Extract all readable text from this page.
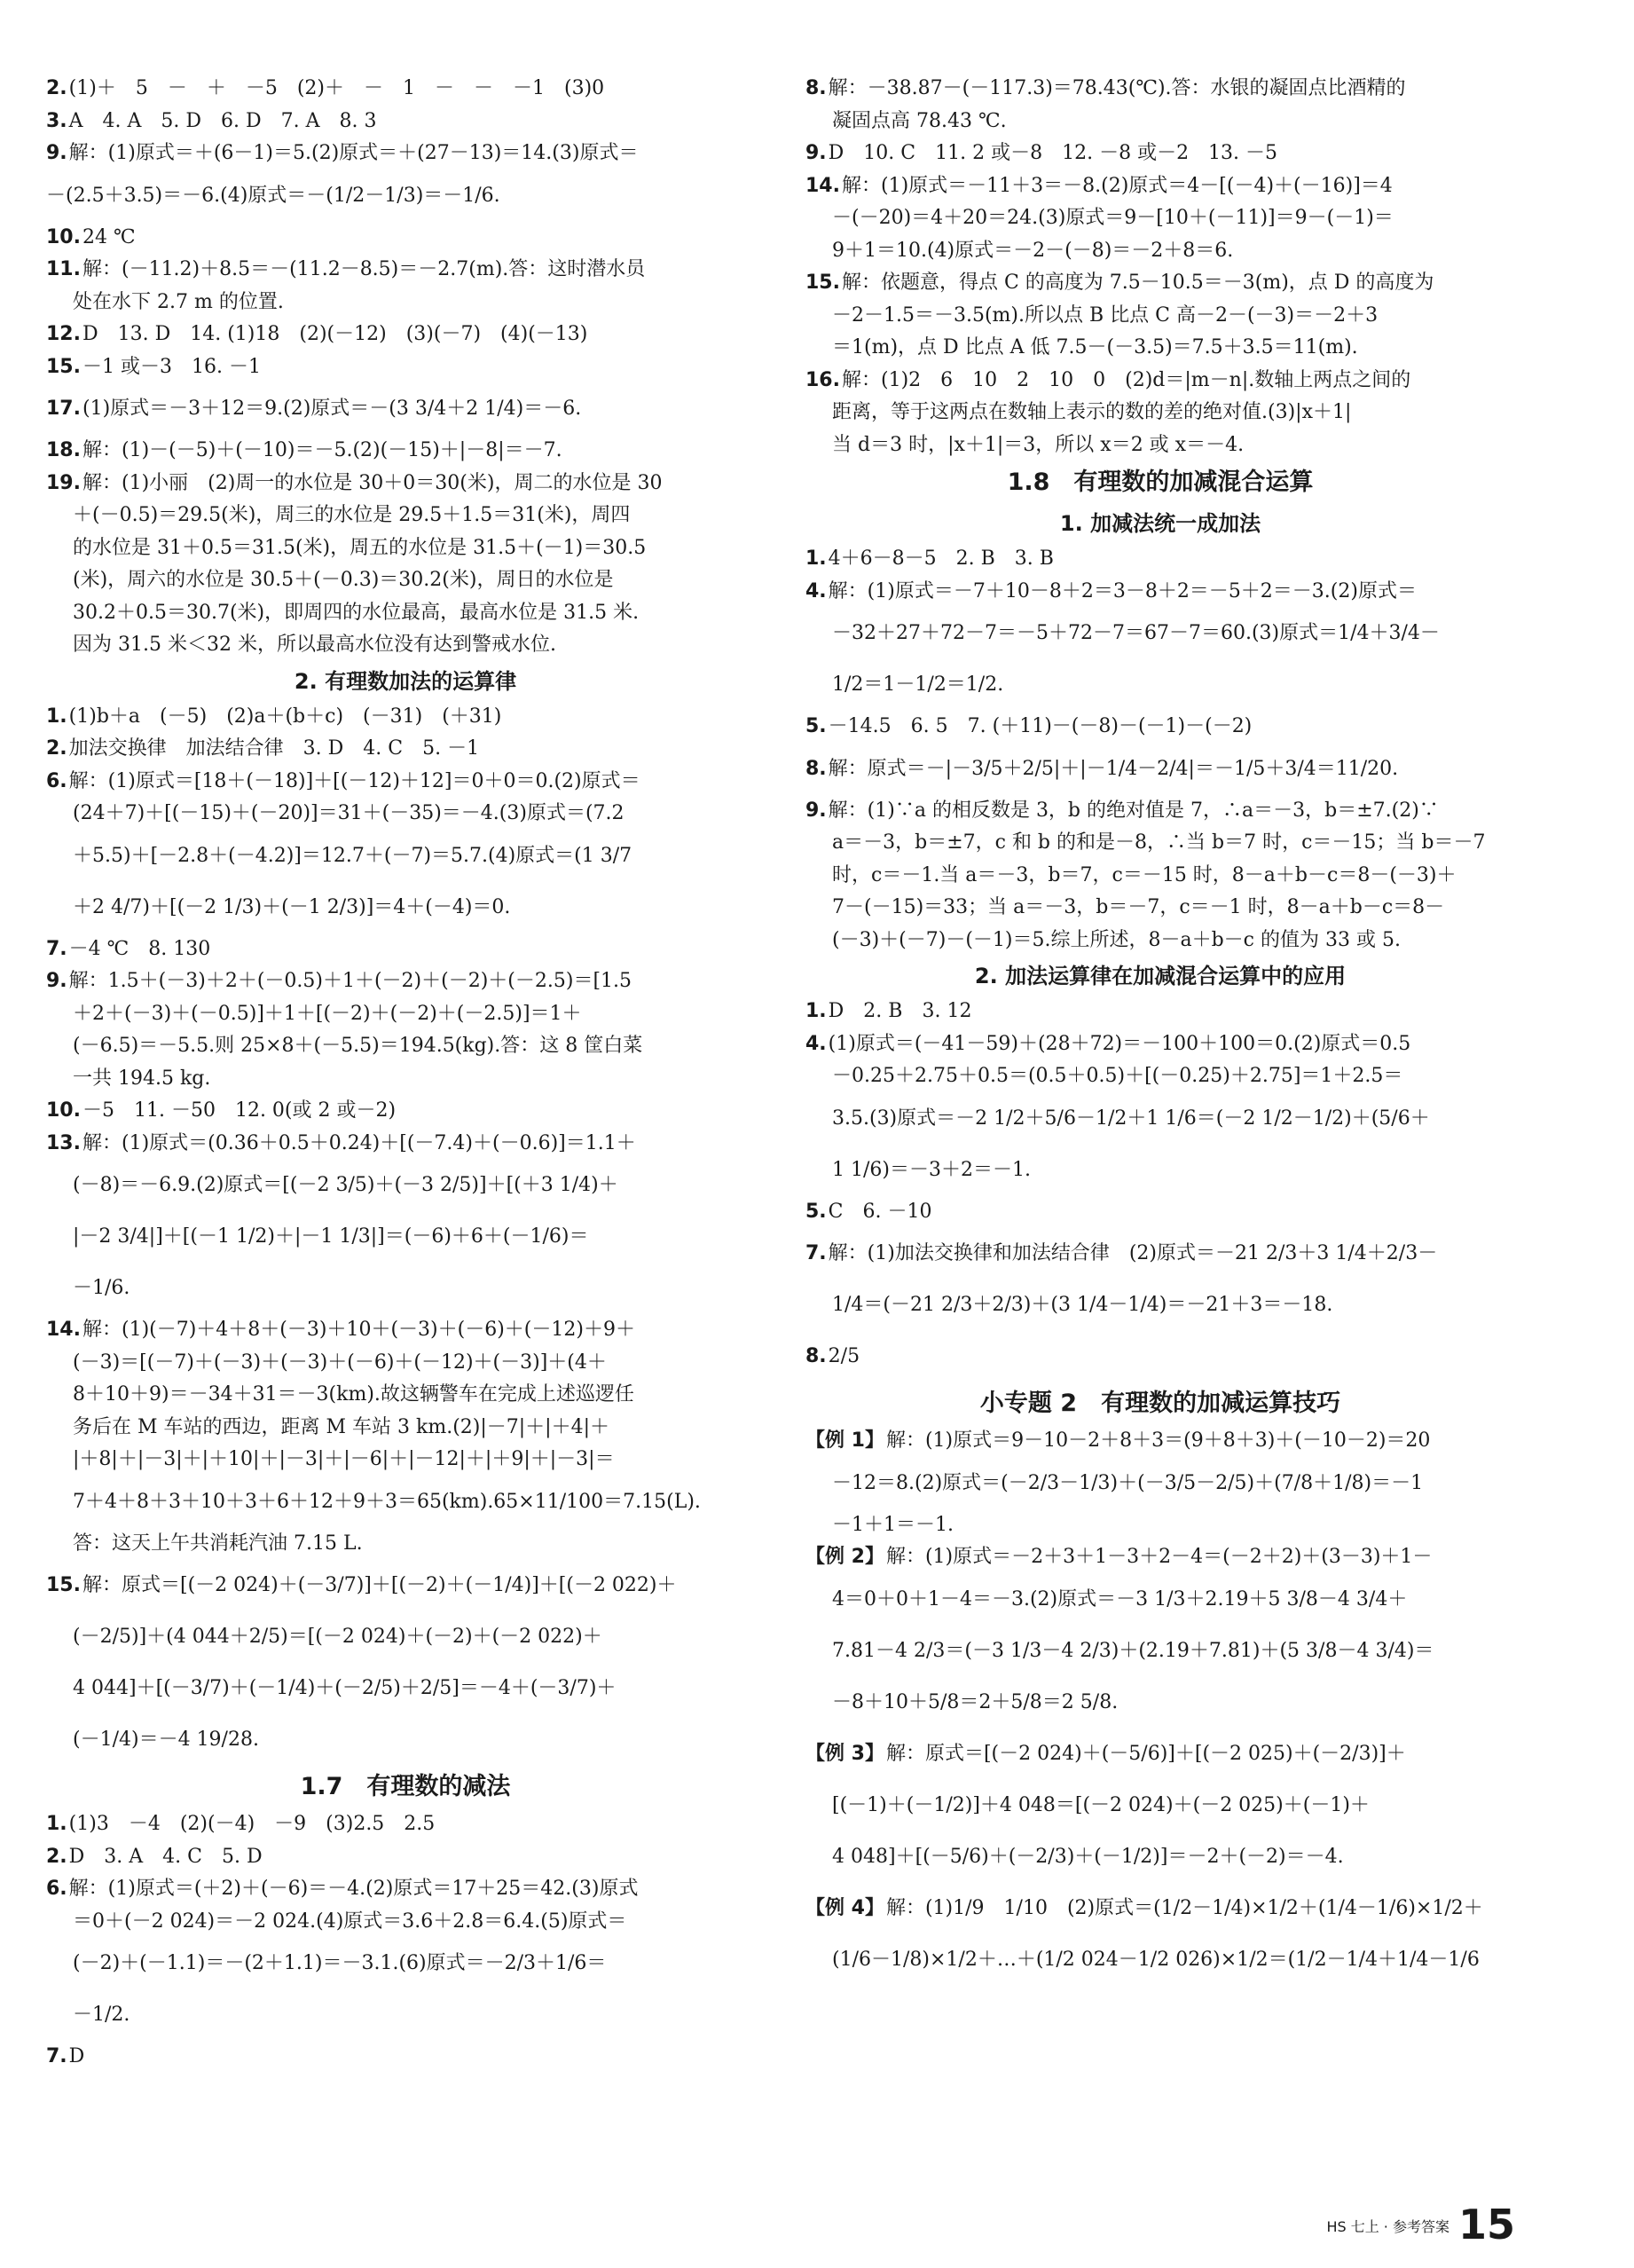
2.(1)＋　5　－　＋　－5　(2)＋　－　1　－　－　－1　(3)0
3.A　4. A　5. D　6. D　7. A　8. 3
9.解：(1)原式＝＋(6－1)＝5.(2)原式＝＋(27－13)＝14.(3)原式＝
－(2.5＋3.5)＝－6.(4)原式＝－(1/2－1/3)＝－1/6.
10.24 ℃
11.解：(－11.2)＋8.5＝－(11.2－8.5)＝－2.7(m).答：这时潜水员
处在水下 2.7 m 的位置.
12.D　13. D　14. (1)18　(2)(－12)　(3)(－7)　(4)(－13)
15.－1 或－3　16. －1
17.(1)原式＝－3＋12＝9.(2)原式＝－(3 3/4＋2 1/4)＝－6.
18.解：(1)－(－5)＋(－10)＝－5.(2)(－15)＋|－8|＝－7.
19.解：(1)小丽　(2)周一的水位是 30＋0＝30(米)，周二的水位是 30
＋(－0.5)＝29.5(米)，周三的水位是 29.5＋1.5＝31(米)，周四
的水位是 31＋0.5＝31.5(米)，周五的水位是 31.5＋(－1)＝30.5
(米)，周六的水位是 30.5＋(－0.3)＝30.2(米)，周日的水位是
30.2＋0.5＝30.7(米)，即周四的水位最高，最高水位是 31.5 米.
因为 31.5 米＜32 米，所以最高水位没有达到警戒水位.
2. 有理数加法的运算律
1.(1)b＋a　(－5)　(2)a＋(b＋c)　(－31)　(＋31)
2.加法交换律　加法结合律　3. D　4. C　5. －1
6.解：(1)原式＝[18＋(－18)]＋[(－12)＋12]＝0＋0＝0.(2)原式＝
(24＋7)＋[(－15)＋(－20)]＝31＋(－35)＝－4.(3)原式＝(7.2
＋5.5)＋[－2.8＋(－4.2)]＝12.7＋(－7)＝5.7.(4)原式＝(1 3/7
＋2 4/7)＋[(－2 1/3)＋(－1 2/3)]＝4＋(－4)＝0.
7.－4 ℃　8. 130
9.解：1.5＋(－3)＋2＋(－0.5)＋1＋(－2)＋(－2)＋(－2.5)＝[1.5
＋2＋(－3)＋(－0.5)]＋1＋[(－2)＋(－2)＋(－2.5)]＝1＋
(－6.5)＝－5.5.则 25×8＋(－5.5)＝194.5(kg).答：这 8 筐白菜
一共 194.5 kg.
10.－5　11. －50　12. 0(或 2 或－2)
13.解：(1)原式＝(0.36＋0.5＋0.24)＋[(－7.4)＋(－0.6)]＝1.1＋
(－8)＝－6.9.(2)原式＝[(－2 3/5)＋(－3 2/5)]＋[(＋3 1/4)＋
|－2 3/4|]＋[(－1 1/2)＋|－1 1/3|]＝(－6)＋6＋(－1/6)＝
－1/6.
14.解：(1)(－7)＋4＋8＋(－3)＋10＋(－3)＋(－6)＋(－12)＋9＋
(－3)＝[(－7)＋(－3)＋(－3)＋(－6)＋(－12)＋(－3)]＋(4＋
8＋10＋9)＝－34＋31＝－3(km).故这辆警车在完成上述巡逻任
务后在 M 车站的西边，距离 M 车站 3 km.(2)|－7|＋|＋4|＋
|＋8|＋|－3|＋|＋10|＋|－3|＋|－6|＋|－12|＋|＋9|＋|－3|＝
7＋4＋8＋3＋10＋3＋6＋12＋9＋3＝65(km).65×11/100＝7.15(L).
答：这天上午共消耗汽油 7.15 L.
15.解：原式＝[(－2 024)＋(－3/7)]＋[(－2)＋(－1/4)]＋[(－2 022)＋
(－2/5)]＋(4 044＋2/5)＝[(－2 024)＋(－2)＋(－2 022)＋
4 044]＋[(－3/7)＋(－1/4)＋(－2/5)＋2/5]＝－4＋(－3/7)＋
(－1/4)＝－4 19/28.
1.7　有理数的减法
1.(1)3　－4　(2)(－4)　－9　(3)2.5　2.5
2.D　3. A　4. C　5. D
6.解：(1)原式＝(＋2)＋(－6)＝－4.(2)原式＝17＋25＝42.(3)原式
＝0＋(－2 024)＝－2 024.(4)原式＝3.6＋2.8＝6.4.(5)原式＝
(－2)＋(－1.1)＝－(2＋1.1)＝－3.1.(6)原式＝－2/3＋1/6＝
－1/2.
7.D
8.解：－38.87－(－117.3)＝78.43(℃).答：水银的凝固点比酒精的
凝固点高 78.43 ℃.
9.D　10. C　11. 2 或－8　12. －8 或－2　13. －5
14.解：(1)原式＝－11＋3＝－8.(2)原式＝4－[(－4)＋(－16)]＝4
－(－20)＝4＋20＝24.(3)原式＝9－[10＋(－11)]＝9－(－1)＝
9＋1＝10.(4)原式＝－2－(－8)＝－2＋8＝6.
15.解：依题意，得点 C 的高度为 7.5－10.5＝－3(m)，点 D 的高度为
－2－1.5＝－3.5(m).所以点 B 比点 C 高－2－(－3)＝－2＋3
＝1(m)，点 D 比点 A 低 7.5－(－3.5)＝7.5＋3.5＝11(m).
16.解：(1)2　6　10　2　10　0　(2)d＝|m－n|.数轴上两点之间的
距离，等于这两点在数轴上表示的数的差的绝对值.(3)|x＋1|
当 d＝3 时，|x＋1|＝3，所以 x＝2 或 x＝－4.
1.8　有理数的加减混合运算
1. 加减法统一成加法
1.4＋6－8－5　2. B　3. B
4.解：(1)原式＝－7＋10－8＋2＝3－8＋2＝－5＋2＝－3.(2)原式＝
－32＋27＋72－7＝－5＋72－7＝67－7＝60.(3)原式＝1/4＋3/4－
1/2＝1－1/2＝1/2.
5.－14.5　6. 5　7. (＋11)－(－8)－(－1)－(－2)
8.解：原式＝－|－3/5＋2/5|＋|－1/4－2/4|＝－1/5＋3/4＝11/20.
9.解：(1)∵a 的相反数是 3，b 的绝对值是 7，∴a＝－3，b＝±7.(2)∵
a＝－3，b＝±7，c 和 b 的和是－8，∴当 b＝7 时，c＝－15；当 b＝－7
时，c＝－1.当 a＝－3，b＝7，c＝－15 时，8－a＋b－c＝8－(－3)＋
7－(－15)＝33；当 a＝－3，b＝－7，c＝－1 时，8－a＋b－c＝8－
(－3)＋(－7)－(－1)＝5.综上所述，8－a＋b－c 的值为 33 或 5.
2. 加法运算律在加减混合运算中的应用
1.D　2. B　3. 12
4.(1)原式＝(－41－59)＋(28＋72)＝－100＋100＝0.(2)原式＝0.5
－0.25＋2.75＋0.5＝(0.5＋0.5)＋[(－0.25)＋2.75]＝1＋2.5＝
3.5.(3)原式＝－2 1/2＋5/6－1/2＋1 1/6＝(－2 1/2－1/2)＋(5/6＋
1 1/6)＝－3＋2＝－1.
5.C　6. －10
7.解：(1)加法交换律和加法结合律　(2)原式＝－21 2/3＋3 1/4＋2/3－
1/4＝(－21 2/3＋2/3)＋(3 1/4－1/4)＝－21＋3＝－18.
8.2/5
小专题 2　有理数的加减运算技巧
【例 1】解：(1)原式＝9－10－2＋8＋3＝(9＋8＋3)＋(－10－2)＝20
－12＝8.(2)原式＝(－2/3－1/3)＋(－3/5－2/5)＋(7/8＋1/8)＝－1
－1＋1＝－1.
【例 2】解：(1)原式＝－2＋3＋1－3＋2－4＝(－2＋2)＋(3－3)＋1－
4＝0＋0＋1－4＝－3.(2)原式＝－3 1/3＋2.19＋5 3/8－4 3/4＋
7.81－4 2/3＝(－3 1/3－4 2/3)＋(2.19＋7.81)＋(5 3/8－4 3/4)＝
－8＋10＋5/8＝2＋5/8＝2 5/8.
【例 3】解：原式＝[(－2 024)＋(－5/6)]＋[(－2 025)＋(－2/3)]＋
[(－1)＋(－1/2)]＋4 048＝[(－2 024)＋(－2 025)＋(－1)＋
4 048]＋[(－5/6)＋(－2/3)＋(－1/2)]＝－2＋(－2)＝－4.
【例 4】解：(1)1/9　1/10　(2)原式＝(1/2－1/4)×1/2＋(1/4－1/6)×1/2＋
(1/6－1/8)×1/2＋…＋(1/2 024－1/2 026)×1/2＝(1/2－1/4＋1/4－1/6
HS 七上 · 参考答案 15
